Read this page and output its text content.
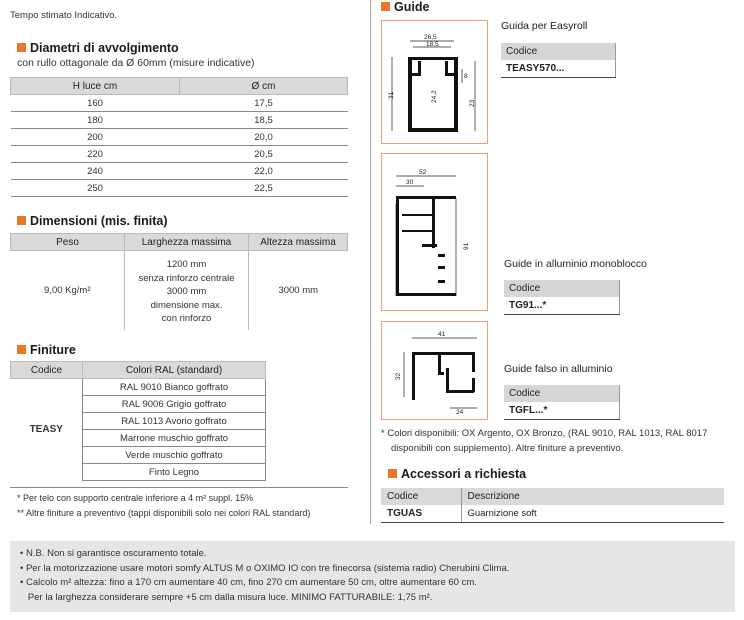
Tempo stimato Indicativo.
Diametri di avvolgimento
con rullo ottagonale da Ø 60mm (misure indicative)
H luce cm	Ø cm
160	17,5
180	18,5
200	20,0
220	20,5
240	22,0
250	22,5
Dimensioni (mis. finita)
Peso	Larghezza massima	Altezza massima
9,00 Kg/m²	1200 mm
senza rinforzo centrale
3000 mm
dimensione max.
con rinforzo	3000 mm
Finiture
Codice	Colori RAL (standard)
TEASY	RAL 9010 Bianco goffrato
	RAL 9006 Grigio goffrato
	RAL 1013 Avorio goffrato
	Marrone muschio goffrato
	Verde muschio goffrato
	Finto Legno
* Per telo con supporto centrale inferiore a 4 m² suppl. 15%
** Altre finiture a preventivo (tappi disponibili solo nei colori RAL standard)
Guide
26,5
18,5
8
31	24,2
23
Guida per Easyroll
Codice
TEASY570...
52
30
91
Guide in alluminio monoblocco
Codice
TG91...*
41
32
24
Guide falso in alluminio
Codice
TGFL...*
* Colori disponibili: OX Argento, OX Bronzo, (RAL 9010, RAL 1013, RAL 8017
disponibili con supplemento). Altre finiture a preventivo.
Accessori a richiesta
Codice	Descrizione
TGUAS	Guarnizione soft
• N.B. Non si garantisce oscuramento totale.
• Per la motorizzazione usare motori somfy ALTUS M o OXIMO IO con tre finecorsa (sistema radio) Cherubini Clima.
• Calcolo m² altezza: fino a 170 cm aumentare 40 cm, fino 270 cm aumentare 50 cm, oltre aumentare 60 cm.
Per la larghezza considerare sempre +5 cm dalla misura luce. MINIMO FATTURABILE: 1,75 m².
